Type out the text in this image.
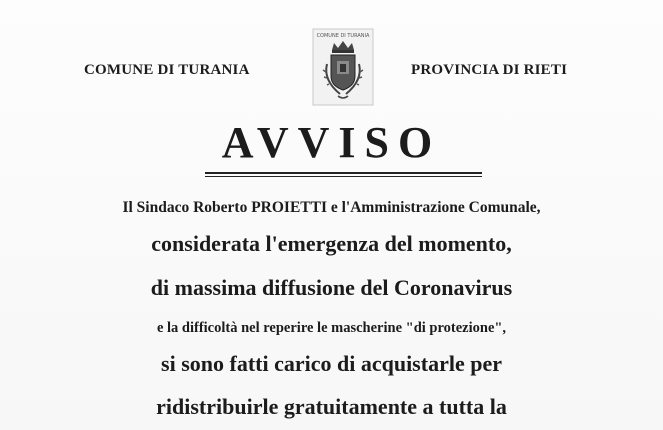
COMUNE DI TURANIA
COMUNE DI TURANIA
PROVINCIA DI RIETI
AVVISO
Il Sindaco Roberto PROIETTI e l'Amministrazione Comunale,
considerata l'emergenza del momento,
di massima diffusione del Coronavirus
e la difficoltà nel reperire le mascherine "di protezione",
si sono fatti carico di acquistarle per
ridistribuirle gratuitamente a tutta la
